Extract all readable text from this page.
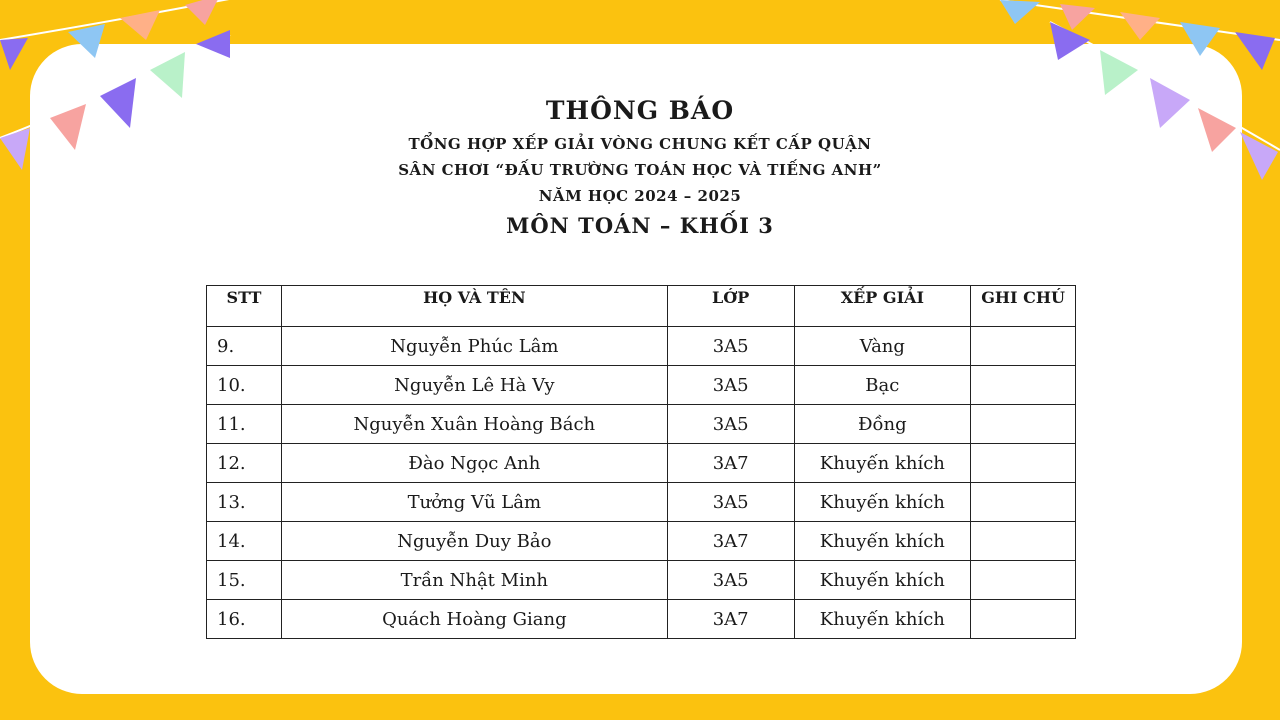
THÔNG BÁO
TỔNG HỢP XẾP GIẢI VÒNG CHUNG KẾT CẤP QUẬN
SÂN CHƠI “ĐẤU TRƯỜNG TOÁN HỌC VÀ TIẾNG ANH”
NĂM HỌC 2024 – 2025
MÔN TOÁN – KHỐI 3
STT	HỌ VÀ TÊN	LỚP	XẾP GIẢI	GHI CHÚ
9.	Nguyễn Phúc Lâm	3A5	Vàng	
10.	Nguyễn Lê Hà Vy	3A5	Bạc	
11.	Nguyễn Xuân Hoàng Bách	3A5	Đồng	
12.	Đào Ngọc Anh	3A7	Khuyến khích	
13.	Tưởng Vũ Lâm	3A5	Khuyến khích	
14.	Nguyễn Duy Bảo	3A7	Khuyến khích	
15.	Trần Nhật Minh	3A5	Khuyến khích	
16.	Quách Hoàng Giang	3A7	Khuyến khích	
